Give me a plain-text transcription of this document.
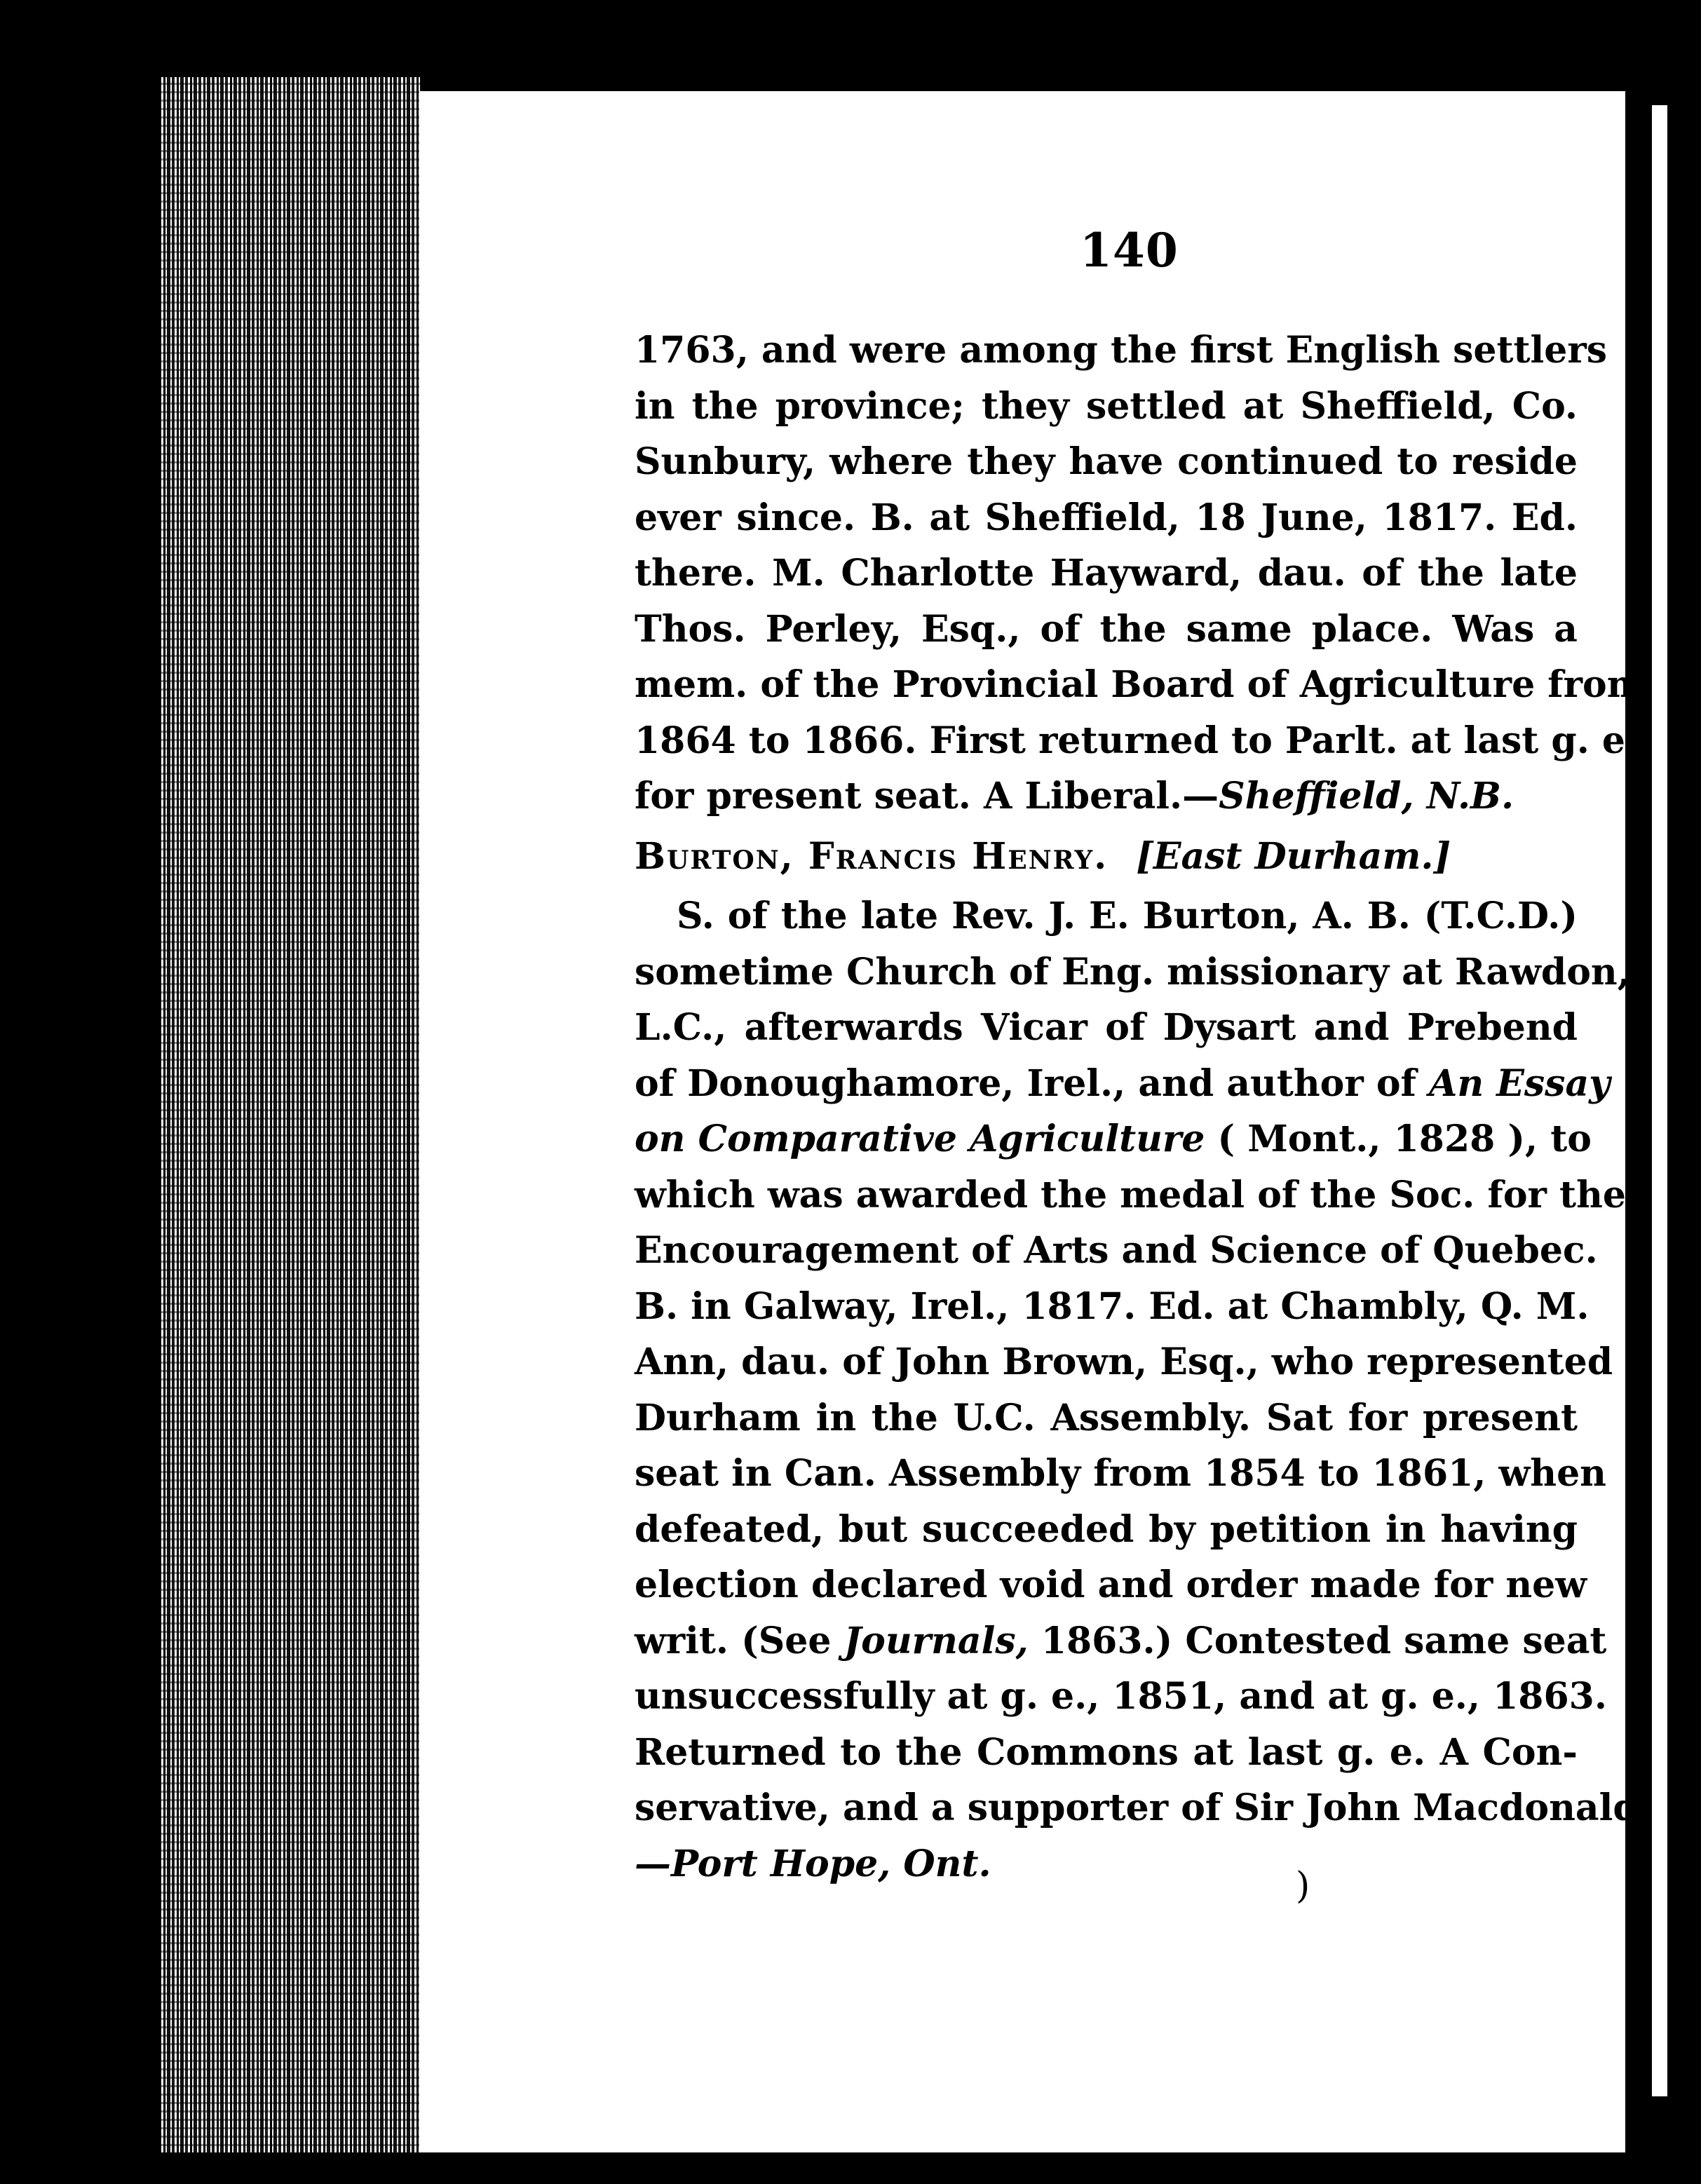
140
1763, and were among the first English settlers
in the province; they settled at Sheffield, Co.
Sunbury, where they have continued to reside
ever since. B. at Sheffield, 18 June, 1817. Ed.
there. M. Charlotte Hayward, dau. of the late
Thos. Perley, Esq., of the same place. Was a
mem. of the Provincial Board of Agriculture from
1864 to 1866. First returned to Parlt. at last g. e.
for present seat. A Liberal.—Sheffield, N.B.
Burton, Francis Henry. [East Durham.]
S. of the late Rev. J. E. Burton, A. B. (T.C.D.)
sometime Church of Eng. missionary at Rawdon,
L.C., afterwards Vicar of Dysart and Prebend
of Donoughamore, Irel., and author of An Essay
on Comparative Agriculture ( Mont., 1828 ), to
which was awarded the medal of the Soc. for the
Encouragement of Arts and Science of Quebec.
B. in Galway, Irel., 1817. Ed. at Chambly, Q. M.
Ann, dau. of John Brown, Esq., who represented
Durham in the U.C. Assembly. Sat for present
seat in Can. Assembly from 1854 to 1861, when
defeated, but succeeded by petition in having
election declared void and order made for new
writ. (See Journals, 1863.) Contested same seat
unsuccessfully at g. e., 1851, and at g. e., 1863.
Returned to the Commons at last g. e. A Con-
servative, and a supporter of Sir John Macdonald.
—Port Hope, Ont.
)
